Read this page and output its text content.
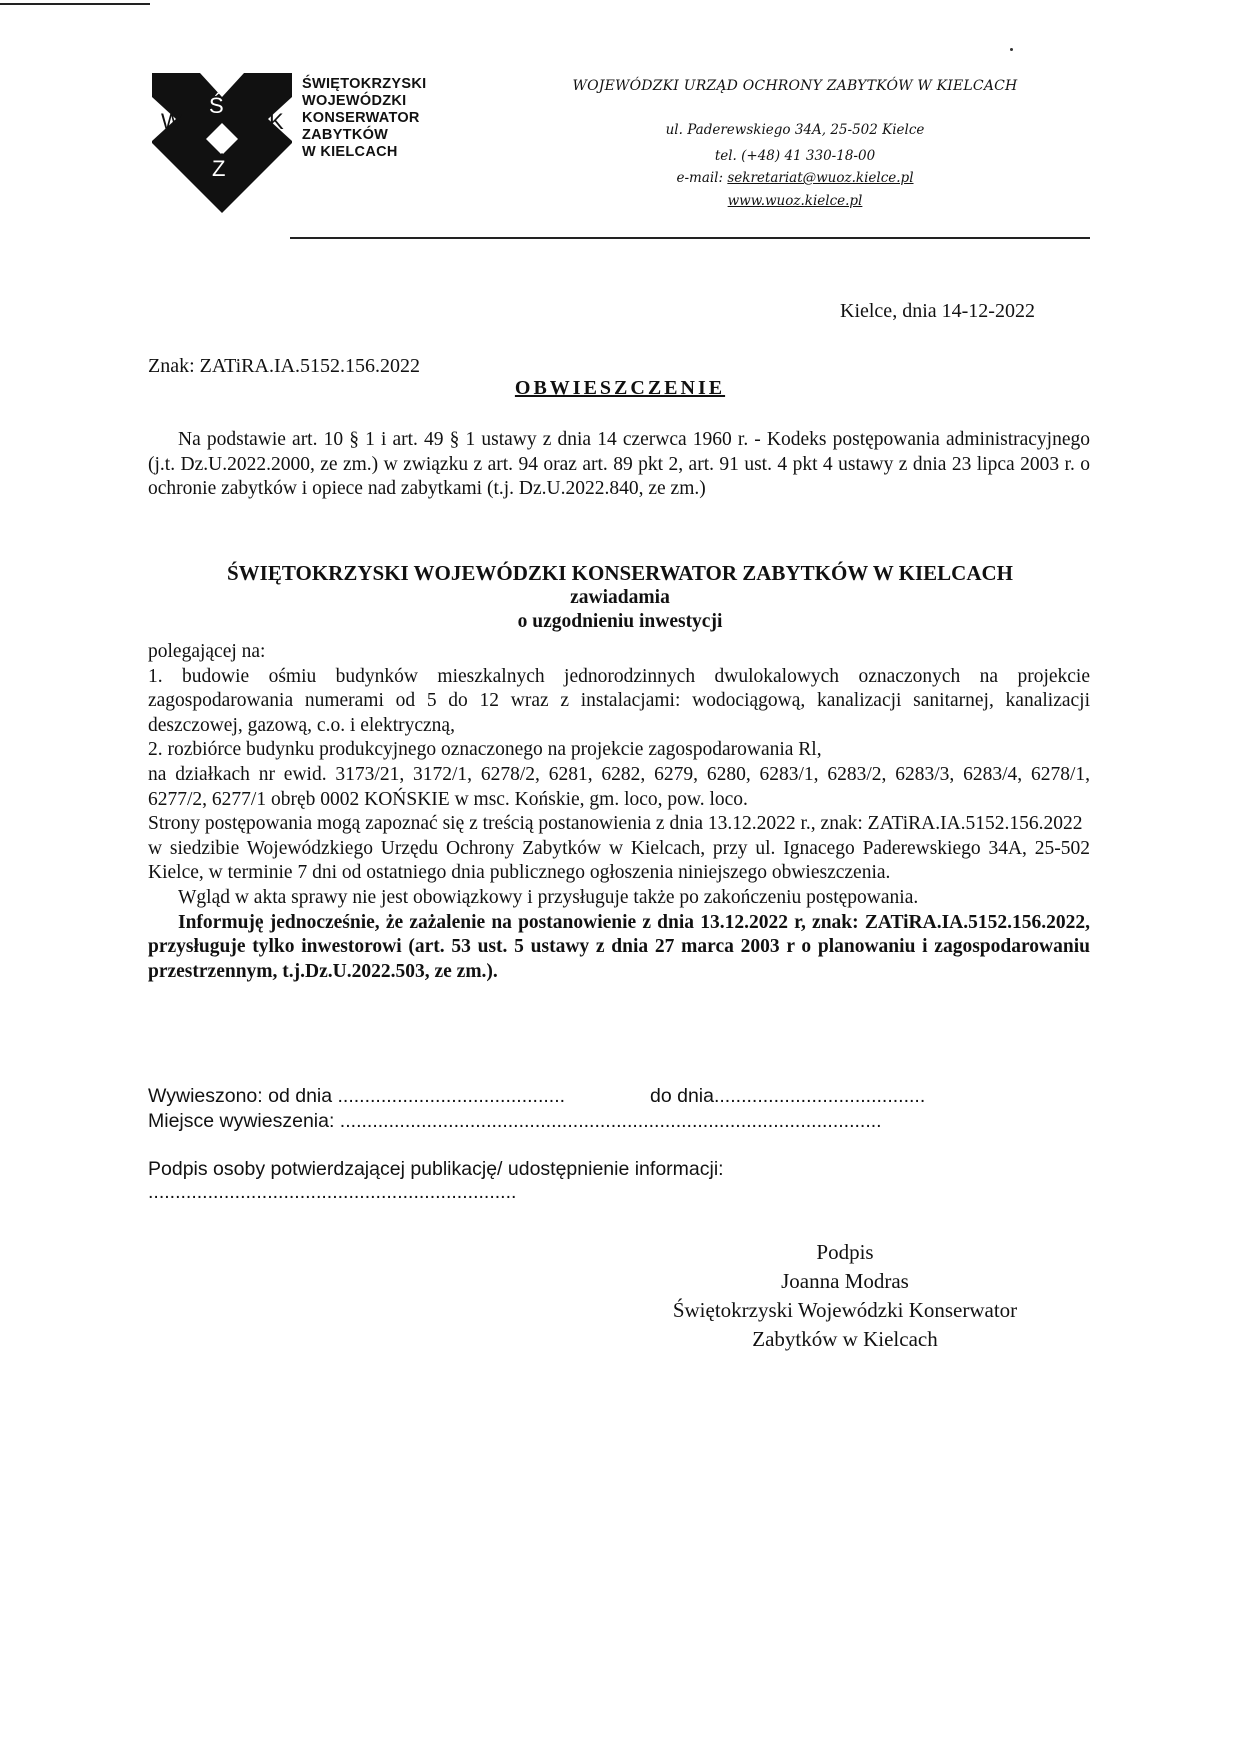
Ś
W	K
Z
ŚWIĘTOKRZYSKI
WOJEWÓDZKI
KONSERWATOR
ZABYTKÓW
W KIELCACH
WOJEWÓDZKI URZĄD OCHRONY ZABYTKÓW W KIELCACH
ul. Paderewskiego 34A, 25-502 Kielce
tel. (+48) 41 330-18-00
e-mail: sekretariat@wuoz.kielce.pl
www.wuoz.kielce.pl
Kielce, dnia 14-12-2022
Znak: ZATiRA.IA.5152.156.2022
OBWIESZCZENIE
Na podstawie art. 10 § 1 i art. 49 § 1 ustawy z dnia 14 czerwca 1960 r. - Kodeks postępowania administracyjnego (j.t. Dz.U.2022.2000, ze zm.) w związku z art. 94 oraz art. 89 pkt 2, art. 91 ust. 4 pkt 4 ustawy z dnia 23 lipca 2003 r. o ochronie zabytków i opiece nad zabytkami (t.j. Dz.U.2022.840, ze zm.)
ŚWIĘTOKRZYSKI WOJEWÓDZKI KONSERWATOR ZABYTKÓW W KIELCACH
zawiadamia
o uzgodnieniu inwestycji

polegającej na:

1. budowie ośmiu budynków mieszkalnych jednorodzinnych dwulokalowych oznaczonych na projekcie zagospodarowania numerami od 5 do 12 wraz z instalacjami: wodociągową, kanalizacji sanitarnej, kanalizacji deszczowej, gazową, c.o. i elektryczną,

2. rozbiórce budynku produkcyjnego oznaczonego na projekcie zagospodarowania Rl,

na działkach nr ewid. 3173/21, 3172/1, 6278/2, 6281, 6282, 6279, 6280, 6283/1, 6283/2, 6283/3, 6283/4, 6278/1, 6277/2, 6277/1 obręb 0002 KOŃSKIE w msc. Końskie, gm. loco, pow. loco.

Strony postępowania mogą zapoznać się z treścią postanowienia z dnia 13.12.2022 r., znak: ZATiRA.IA.5152.156.2022

w siedzibie Wojewódzkiego Urzędu Ochrony Zabytków w Kielcach, przy ul. Ignacego Paderewskiego 34A, 25-502 Kielce, w terminie 7 dni od ostatniego dnia publicznego ogłoszenia niniejszego obwieszczenia.

Wgląd w akta sprawy nie jest obowiązkowy i przysługuje także po zakończeniu postępowania.

Informuję jednocześnie, że zażalenie na postanowienie z dnia 13.12.2022 r, znak: ZATiRA.IA.5152.156.2022, przysługuje tylko inwestorowi (art. 53 ust. 5 ustawy z dnia 27 marca 2003 r o planowaniu i zagospodarowaniu przestrzennym, t.j.Dz.U.2022.503, ze zm.).

Wywieszono: od dnia ..........................................	do dnia.......................................
Miejsce wywieszenia: ....................................................................................................
Podpis osoby potwierdzającej publikację/ udostępnienie informacji:
....................................................................
Podpis
Joanna Modras
Świętokrzyski Wojewódzki Konserwator
Zabytków w Kielcach
